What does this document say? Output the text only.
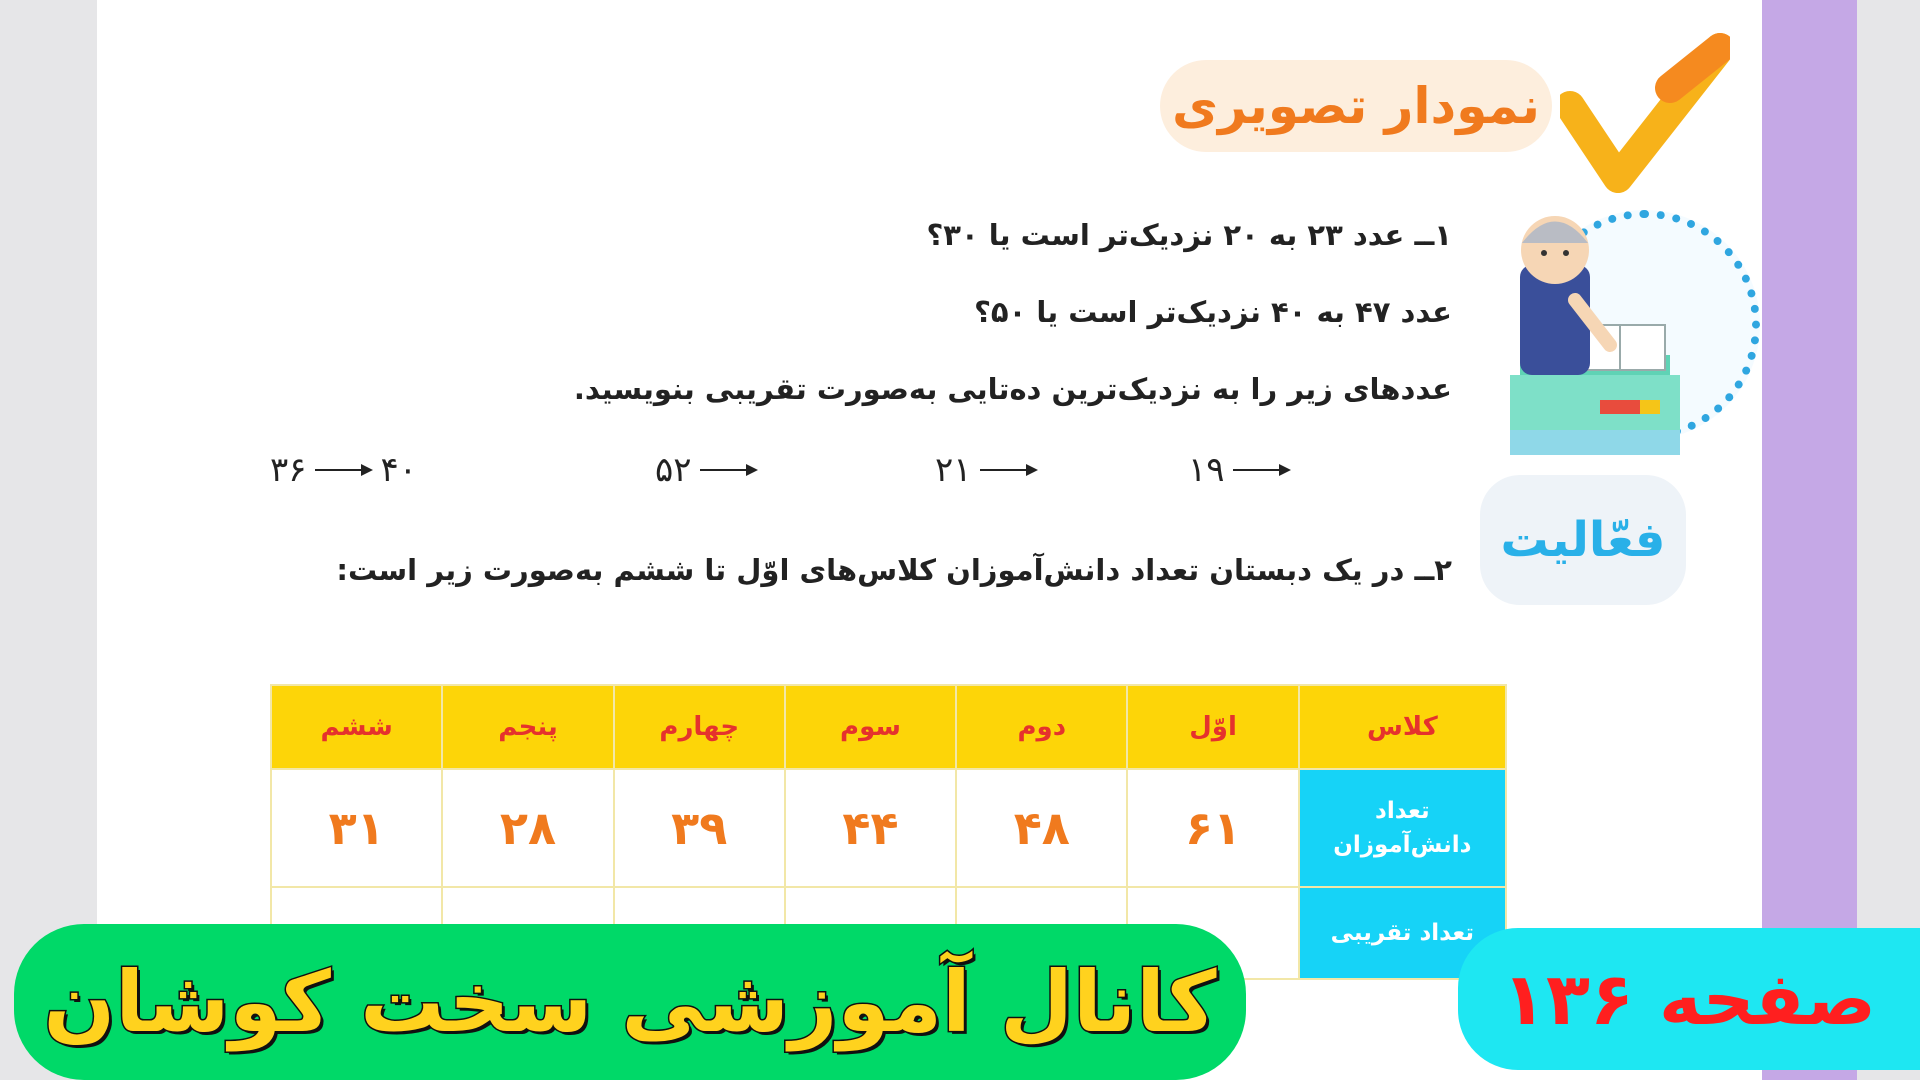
نمودار تصویری
فعّالیت
۱ــ عدد ۲۳ به ۲۰ نزدیک‌تر است یا ۳۰؟
عدد ۴۷ به ۴۰ نزدیک‌تر است یا ۵۰؟
عددهای زیر را به نزدیک‌ترین ده‌تایی به‌صورت تقریبی بنویسید.
۳۶ ۴۰	۵۲	۲۱	۱۹
۲ــ در یک دبستان تعداد دانش‌آموزان کلاس‌های اوّل تا ششم به‌صورت زیر است:
کلاس	اوّل	دوم	سوم	چهارم	پنجم	ششم

تعداد
دانش‌آموزان	۶۱	۴۸	۴۴	۳۹	۲۸	۳۱
تعداد تقریبی						
کانال آموزشی سخت کوشان	صفحه ۱۳۶
